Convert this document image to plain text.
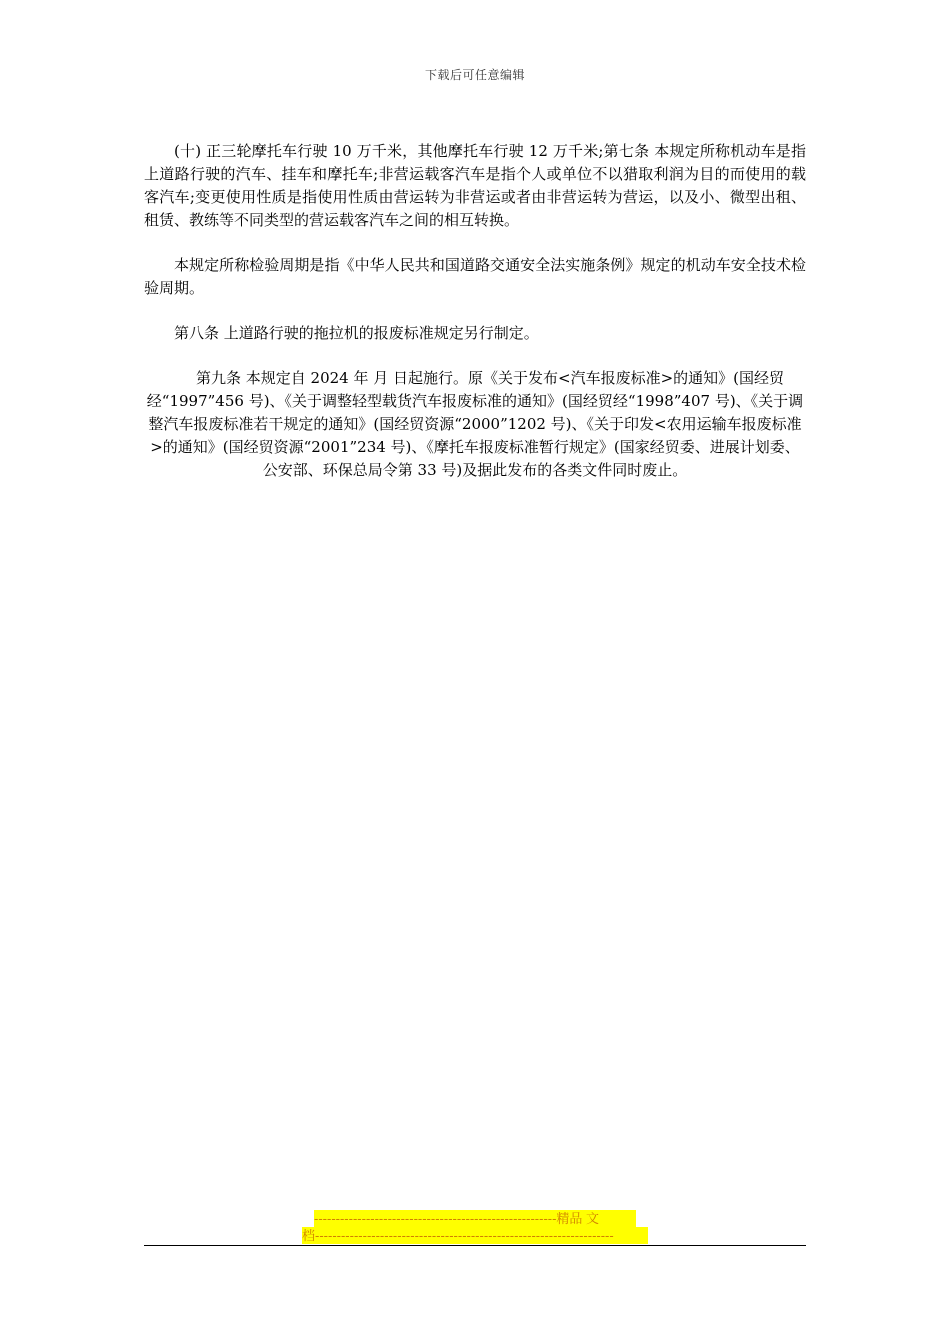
下载后可任意编辑

(十) 正三轮摩托车行驶 10 万千米，其他摩托车行驶 12 万千米;第七条 本规定所称机动车是指上道路行驶的汽车、挂车和摩托车;非营运载客汽车是指个人或单位不以猎取利润为目的而使用的载客汽车;变更使用性质是指使用性质由营运转为非营运或者由非营运转为营运，以及小、微型出租、租赁、教练等不同类型的营运载客汽车之间的相互转换。

本规定所称检验周期是指《中华人民共和国道路交通安全法实施条例》规定的机动车安全技术检验周期。

第八条 上道路行驶的拖拉机的报废标准规定另行制定。

第九条 本规定自 2024 年 月 日起施行。原《关于发布<汽车报废标准>的通知》(国经贸经“1997”456 号)、《关于调整轻型载货汽车报废标准的通知》(国经贸经“1998”407 号)、《关于调整汽车报废标准若干规定的通知》(国经贸资源“2000”1202 号)、《关于印发<农用运输车报废标准>的通知》(国经贸资源“2001”234 号)、《摩托车报废标准暂行规定》(国家经贸委、进展计划委、公安部、环保总局令第 33 号)及据此发布的各类文件同时废止。

--------------------------------------------------------精品 文
档---------------------------------------------------------------------
